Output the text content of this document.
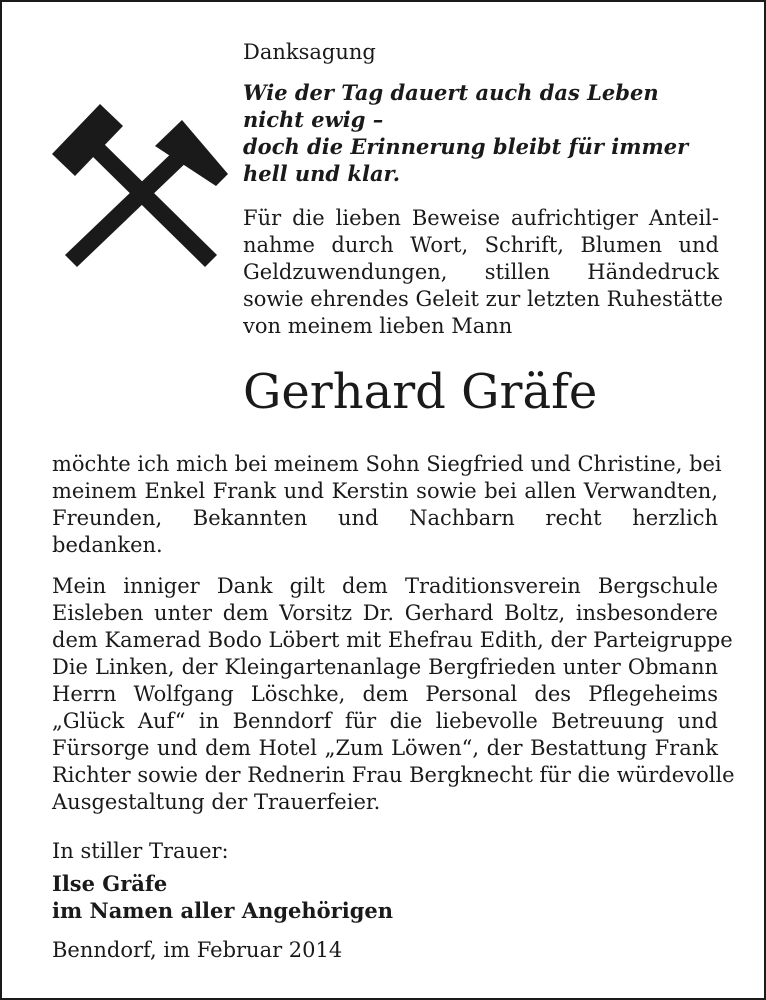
Danksagung

Wie der Tag dauert auch das Leben
nicht ewig –
doch die Erinnerung bleibt für immer
hell und klar.
Für die lieben Beweise aufrichtiger Anteil-
nahme durch Wort, Schrift, Blumen und
Geldzuwendungen, stillen Händedruck
sowie ehrendes Geleit zur letzten Ruhestätte
von meinem lieben Mann

Gerhard Gräfe

möchte ich mich bei meinem Sohn Siegfried und Christine, bei
meinem Enkel Frank und Kerstin sowie bei allen Verwandten,
Freunden, Bekannten und Nachbarn recht herzlich
bedanken.
Mein inniger Dank gilt dem Traditionsverein Bergschule
Eisleben unter dem Vorsitz Dr. Gerhard Boltz, insbesondere
dem Kamerad Bodo Löbert mit Ehefrau Edith, der Parteigruppe
Die Linken, der Kleingartenanlage Bergfrieden unter Obmann
Herrn Wolfgang Löschke, dem Personal des Pflegeheims
„Glück Auf“ in Benndorf für die liebevolle Betreuung und
Fürsorge und dem Hotel „Zum Löwen“, der Bestattung Frank
Richter sowie der Rednerin Frau Bergknecht für die würdevolle
Ausgestaltung der Trauerfeier.

In stiller Trauer:

Ilse Gräfe
im Namen aller Angehörigen

Benndorf, im Februar 2014
